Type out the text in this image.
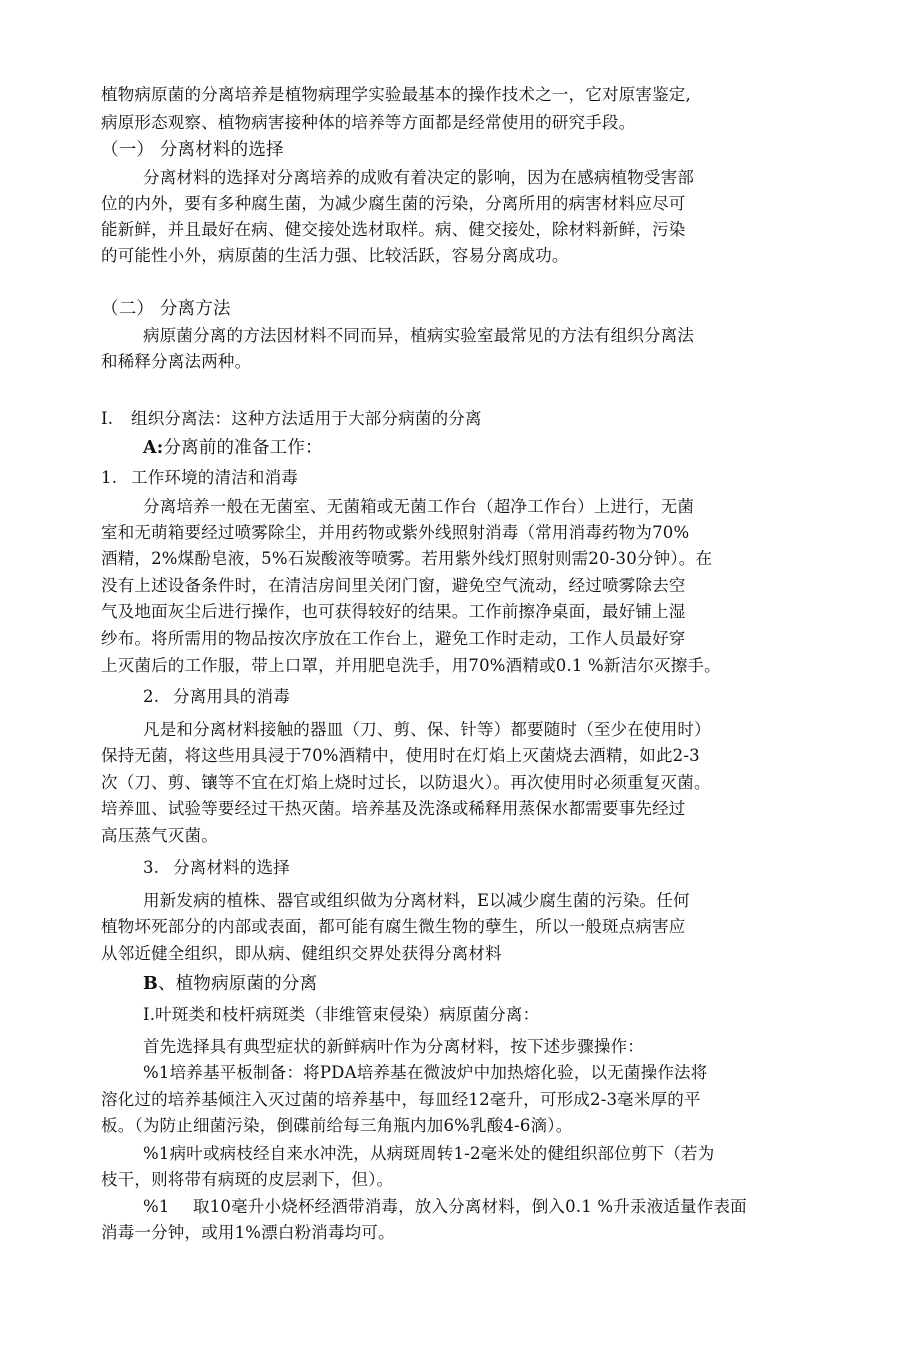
植物病原菌的分离培养是植物病理学实验最基本的操作技术之一，它对原害鉴定,
病原形态观察、植物病害接种体的培养等方面都是经常使用的研究手段。
（一） 分离材料的选择
分离材料的选择对分离培养的成败有着决定的影响，因为在感病植物受害部
位的内外，要有多种腐生菌，为减少腐生菌的污染，分离所用的病害材料应尽可
能新鲜，并且最好在病、健交接处选材取样。病、健交接处，除材料新鲜，污染
的可能性小外，病原菌的生活力强、比较活跃，容易分离成功。
（二） 分离方法
病原菌分离的方法因材料不同而异，植病实验室最常见的方法有组织分离法
和稀释分离法两种。
I. 组织分离法：这种方法适用于大部分病菌的分离
A:分离前的准备工作：
1. 工作环境的清洁和消毒
分离培养一般在无菌室、无菌箱或无菌工作台（超净工作台）上进行，无菌
室和无萌箱要经过喷雾除尘，并用药物或紫外线照射消毒（常用消毒药物为70%
酒精，2%煤酚皂液，5%石炭酸液等喷雾。若用紫外线灯照射则需20-30分钟）。在
没有上述设备条件时，在清洁房间里关闭门窗，避免空气流动，经过喷雾除去空
气及地面灰尘后进行操作，也可获得较好的结果。工作前擦净桌面，最好铺上湿
纱布。将所需用的物品按次序放在工作台上，避免工作时走动，工作人员最好穿
上灭菌后的工作服，带上口罩，并用肥皂洗手，用70%酒精或0.1 %新洁尔灭擦手。
2. 分离用具的消毒
凡是和分离材料接触的器皿（刀、剪、保、针等）都要随时（至少在使用时）
保持无菌，将这些用具浸于70%酒精中，使用时在灯焰上灭菌烧去酒精，如此2-3
次（刀、剪、镶等不宜在灯焰上烧时过长，以防退火）。再次使用时必须重复灭菌。
培养皿、试验等要经过干热灭菌。培养基及洗涤或稀释用蒸保水都需要事先经过
高压蒸气灭菌。
3. 分离材料的选择
用新发病的植株、器官或组织做为分离材料，E以减少腐生菌的污染。任何
植物坏死部分的内部或表面，都可能有腐生微生物的孽生，所以一般斑点病害应
从邻近健全组织，即从病、健组织交界处获得分离材料
B、植物病原菌的分离
I.叶斑类和枝杆病斑类（非维管束侵染）病原菌分离：
首先选择具有典型症状的新鲜病叶作为分离材料，按下述步骤操作：
%1培养基平板制备：将PDA培养基在微波炉中加热熔化验，以无菌操作法将
溶化过的培养基倾注入灭过菌的培养基中，每皿经12毫升，可形成2-3毫米厚的平
板。（为防止细菌污染，倒碟前给每三角瓶内加6%乳酸4-6滴）。
%1病叶或病枝经自来水冲洗，从病斑周转1-2毫米处的健组织部位剪下（若为
枝干，则将带有病斑的皮层剥下，但）。
%1 取10毫升小烧杯经酒带消毒，放入分离材料，倒入0.1 %升汞液适量作表面
消毒一分钟，或用1%漂白粉消毒均可。
